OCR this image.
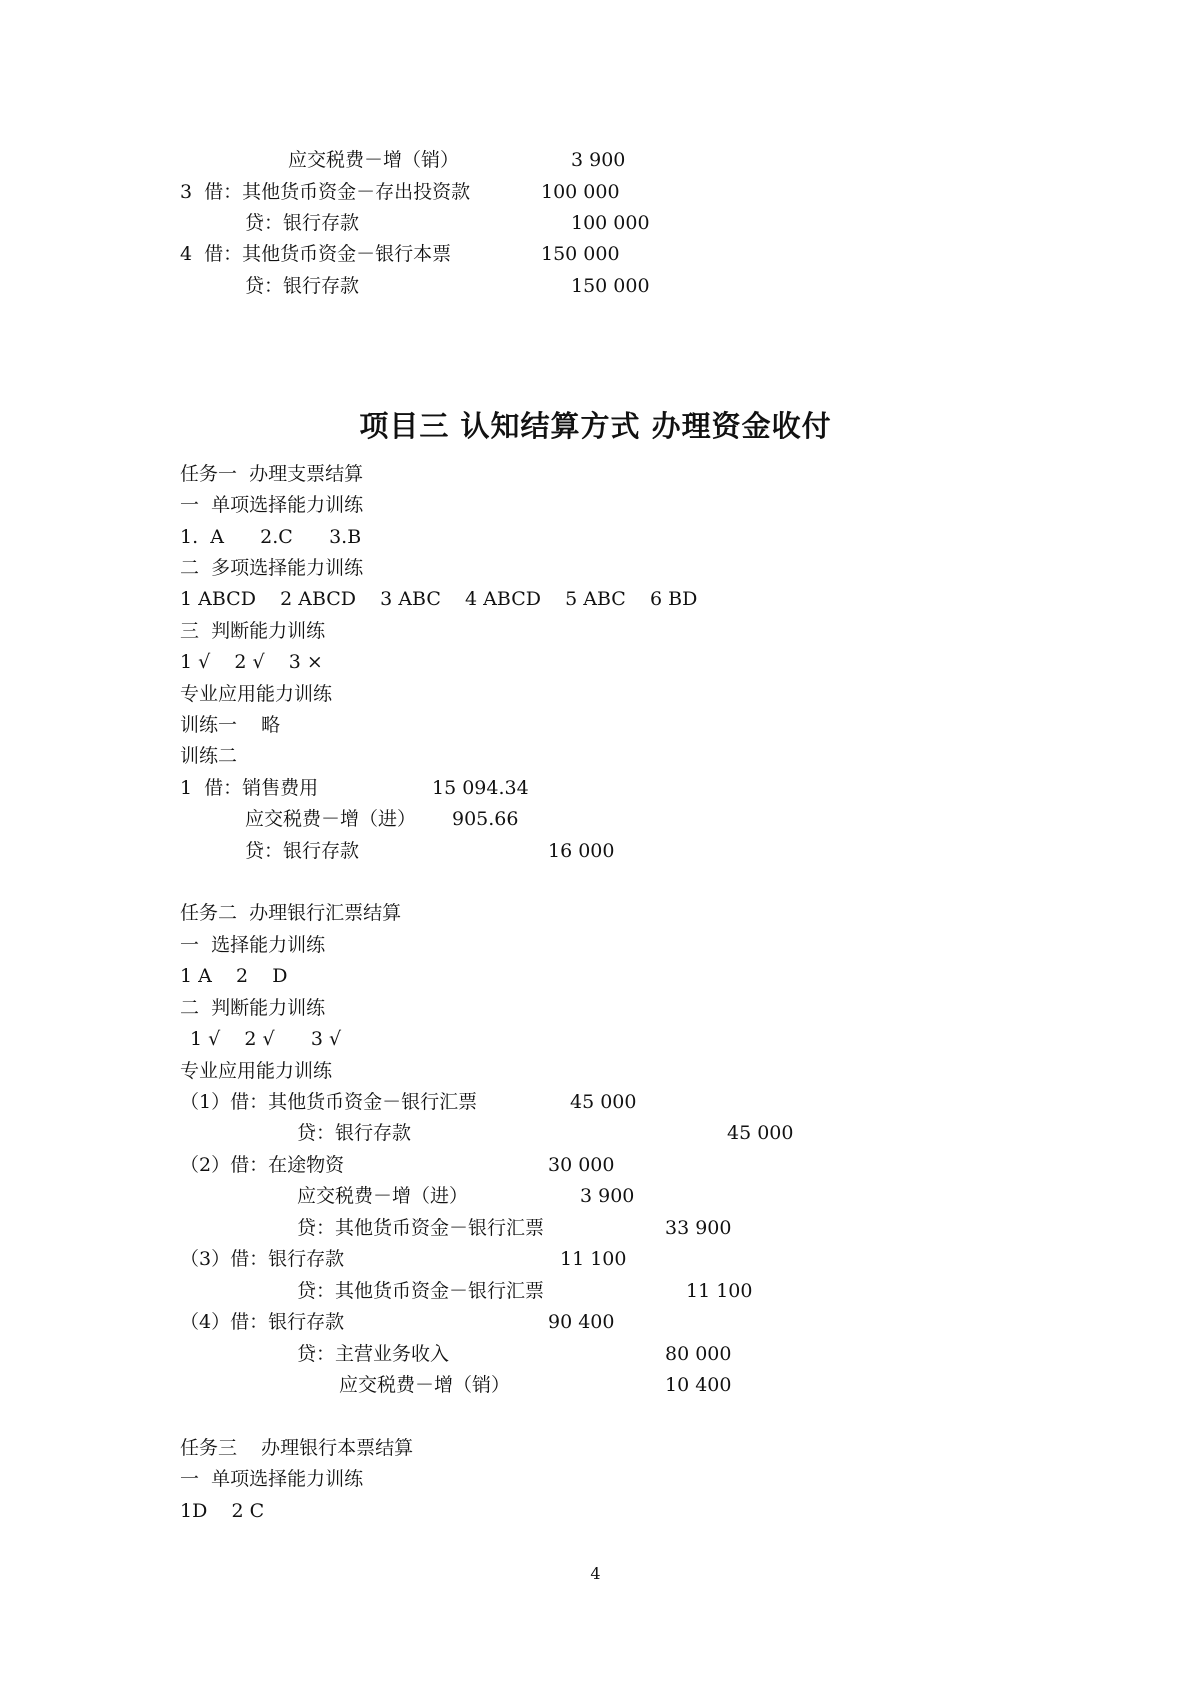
应交税费－增（销）	3 900
3  借：其他货币资金－存出投资款	100 000
贷：银行存款	100 000
4  借：其他货币资金－银行本票	150 000
贷：银行存款	150 000
项目三 认知结算方式 办理资金收付
任务一  办理支票结算
一  单项选择能力训练
1.  A      2.C      3.B
二  多项选择能力训练
1 ABCD    2 ABCD    3 ABC    4 ABCD    5 ABC    6 BD
三  判断能力训练
1 √    2 √    3 ×
专业应用能力训练
训练一    略
训练二
1  借：销售费用	15 094.34
应交税费－增（进） 905.66
贷：银行存款	16 000
任务二  办理银行汇票结算
一  选择能力训练
1 A    2    D
二  判断能力训练
1 √    2 √      3 √
专业应用能力训练
（1）借：其他货币资金－银行汇票	45 000
贷：银行存款	45 000
（2）借：在途物资	30 000
应交税费－增（进）	3 900
贷：其他货币资金－银行汇票	33 900
（3）借：银行存款	11 100
贷：其他货币资金－银行汇票	11 100
（4）借：银行存款	90 400
贷：主营业务收入	80 000
应交税费－增（销）	10 400
任务三    办理银行本票结算
一  单项选择能力训练
1D    2 C
4
